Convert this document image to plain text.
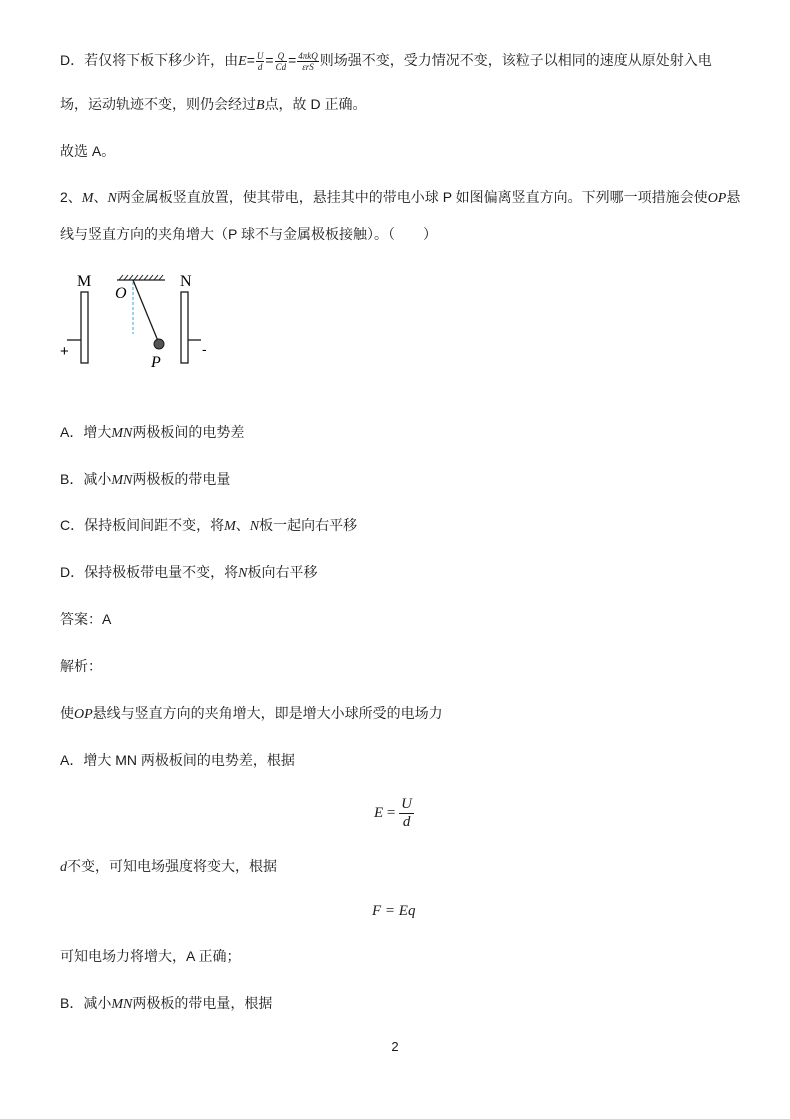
D．若仅将下板下移少许，由$E= \frac{U}{d} = \frac{Q}{Cd} = \frac{\text{4πkQ}}{\text{εrS}}$ 则场强不变，受力情况不变，该粒子以相同的速度从原处射入电
场，运动轨迹不变，则仍会经过B点，故 D 正确。
故选 A。
2、M、N两金属板竖直放置，使其带电，悬挂其中的带电小球 P 如图偏离竖直方向。下列哪一项措施会使OP悬
线与竖直方向的夹角增大（P 球不与金属极板接触）。（　　）
M
+
O
P
N
-
A．增大MN两极板间的电势差
B．减小MN两极板的带电量
C．保持板间间距不变，将M、N板一起向右平移
D．保持极板带电量不变，将N板向右平移
答案：A
解析：
使OP悬线与竖直方向的夹角增大，即是增大小球所受的电场力
A．增大 MN 两极板间的电势差，根据
$E = \frac{U}{d}$
d不变，可知电场强度将变大，根据
F = Eq
可知电场力将增大，A 正确；
B．减小MN两极板的带电量，根据
2
